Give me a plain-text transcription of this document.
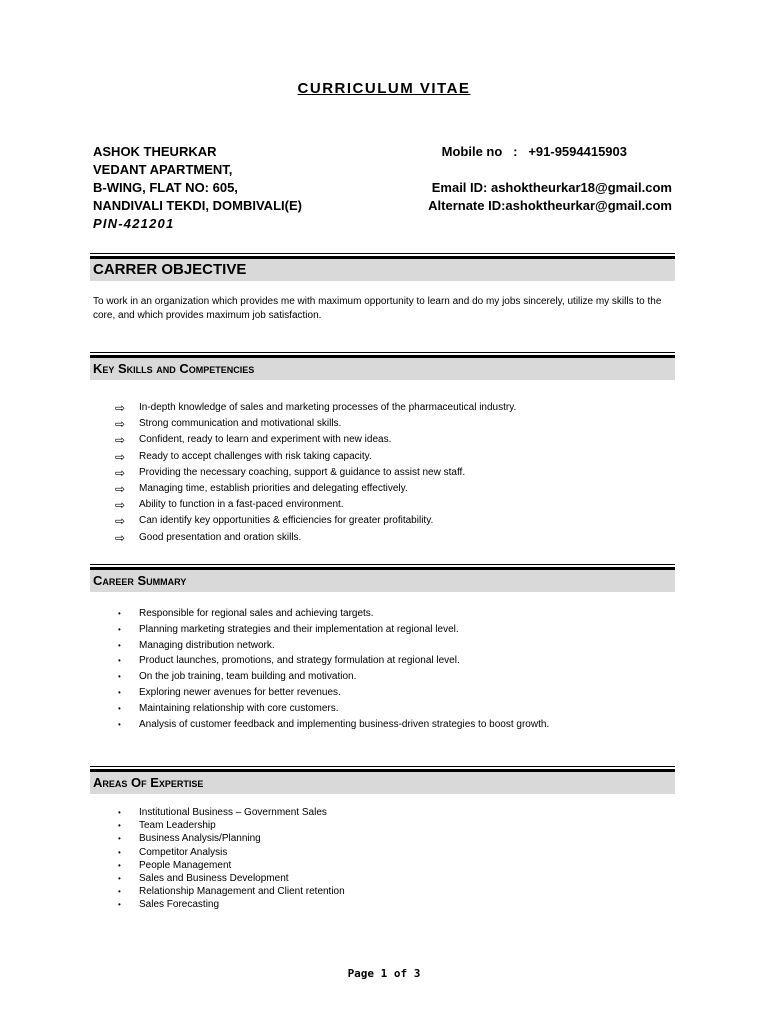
CURRICULUM VITAE
ASHOK THEURKAR
VEDANT APARTMENT,
B-WING, FLAT NO: 605,
NANDIVALI TEKDI, DOMBIVALI(E)
PIN-421201
Mobile no   :   +91-9594415903
Email ID: ashoktheurkar18@gmail.com
Alternate ID:ashoktheurkar@gmail.com
CARRER OBJECTIVE
To work in an organization which provides me with maximum opportunity to learn and do my jobs sincerely, utilize my skills to the core, and which provides maximum job satisfaction.
Key Skills and Competencies
⇨ In-depth knowledge of sales and marketing processes of the pharmaceutical industry.
⇨ Strong communication and motivational skills.
⇨ Confident, ready to learn and experiment with new ideas.
⇨ Ready to accept challenges with risk taking capacity.
⇨ Providing the necessary coaching, support & guidance to assist new staff.
⇨ Managing time, establish priorities and delegating effectively.
⇨ Ability to function in a fast-paced environment.
⇨ Can identify key opportunities & efficiencies for greater profitability.
⇨ Good presentation and oration skills.
Career Summary
• Responsible for regional sales and achieving targets.
• Planning marketing strategies and their implementation at regional level.
• Managing distribution network.
• Product launches, promotions, and strategy formulation at regional level.
• On the job training, team building and motivation.
• Exploring newer avenues for better revenues.
• Maintaining relationship with core customers.
• Analysis of customer feedback and implementing business-driven strategies to boost growth.
Areas Of Expertise
• Institutional Business – Government Sales
• Team Leadership
• Business Analysis/Planning
• Competitor Analysis
• People Management
• Sales and Business Development
• Relationship Management and Client retention
• Sales Forecasting
Page 1 of 3
